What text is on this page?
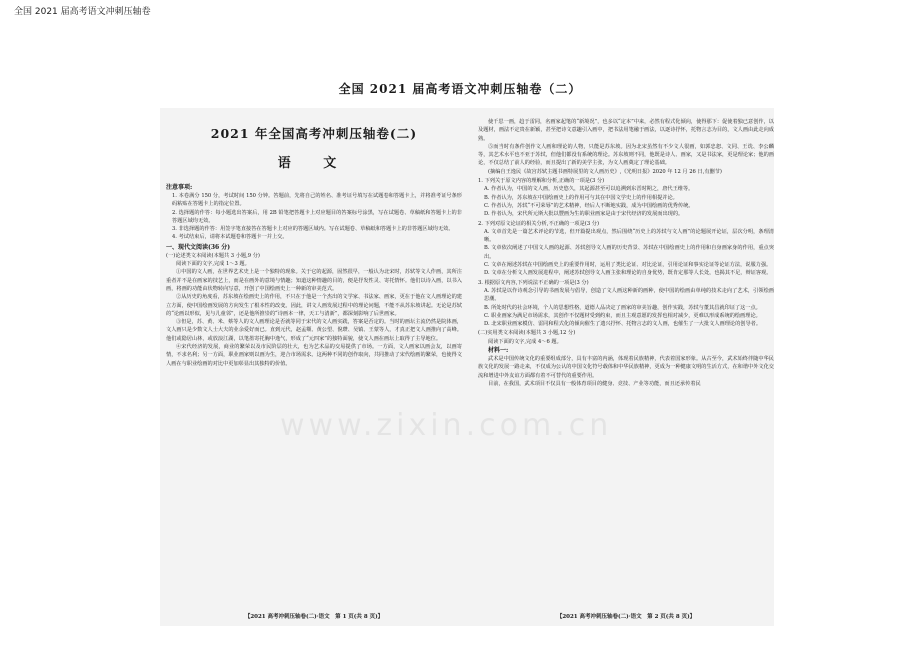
全国 2021 届高考语文冲刺压轴卷
全国 2021 届高考语文冲刺压轴卷（二）
www.zixin.com.cn
2021 年全国高考冲刺压轴卷(二)
语 文

注意事项:

1. 本卷满分 150 分，考试时间 150 分钟。答题前，先将自己的姓名、准考证号填写在试题卷和答题卡上，并将准考证号条形码粘贴在答题卡上的指定位置。

2. 选择题的作答：每小题选出答案后，用 2B 铅笔把答题卡上对应题目的答案标号涂黑，写在试题卷、草稿纸和答题卡上的非答题区域均无效。

3. 非选择题的作答：用签字笔直接答在答题卡上对应的答题区域内。写在试题卷、草稿纸和答题卡上的非答题区域均无效。

4. 考试结束后，请将本试题卷和答题卡一并上交。

一、现代文阅读(36 分)

(一)论述类文本阅读(本题共 3 小题,9 分)

阅读下面的文字,完成 1～3 题。

①中国的文人画，在世界艺术史上是一个独特的现象。关于它的起源，固然很早，一般认为北宋时，苏轼等文人作画，其所注重者并不是在画家的技艺上，而是在画外的意境与情趣；知道这种情趣的目的，便是抒发性灵、寄托情怀。他们以诗入画，以书入画，将画的功能由状物转向写意，开创了中国绘画史上一种新的审美范式。

②从历史的角度看，苏东坡在绘画史上的作用，不只在于他是一个杰出的文学家、书法家、画家，更在于他在文人画理论的建立方面，使中国绘画发展的方向发生了根本性的改变。因此，讲文人画发展过程中的理论问题，不能不从苏东坡讲起。无论是苏轼的“论画以形似，见与儿童邻”，还是他所推崇的“诗画本一律，天工与清新”，都深刻影响了后世画家。

③但是，苏、黄、米、蔡等人的文人画理论是否就等同于宋代的文人画实践，答案是否定的。当时的画坛主流仍然是院体画，文人画只是少数文人士大夫的业余爱好而已。直到元代，赵孟頫、黄公望、倪瓒、吴镇、王蒙等人，才真正把文人画推向了高峰。他们或隐居山林，或放浪江湖，以笔墨寄托胸中逸气，形成了“元四家”的独特面貌，使文人画在画坛上取得了主导地位。

④宋代经济的发展，商业的繁荣以及市民阶层的壮大，也为艺术品的交易提供了市场。一方面，文人画家以画会友，以画寄情，不求名利；另一方面，职业画家则以画为生，迎合市场需求。这两种不同的创作取向，共同推动了宋代绘画的繁荣，也使得文人画在与职业绘画的对比中更加彰显出其独特的价值。

【2021 高考冲刺压轴卷(二)·语文　第 1 页(共 8 页)】

使千思一画，趋于雷同，名画家起笔的“新境况”，也多以“定本”中来，必然有程式化倾向，使得那下：促使着独已意创作，以及题材，画法不定贵在新颖，甚至把诗文意趣引入画中，把书法用笔融于画法，以逐诗抒怀，托物言志为目的，文人画由此走向成熟。

⑤而当时有条件创作文人画和理论的人物，只能是苏东坡。因为北宋虽然有不少文人很画，如郭忠恕、文同、王诜、李公麟等，其艺术水平也不亚于苏轼，但他们都没有系统的理论。苏东坡则不同，他既是诗人、画家，又是书法家，更是理论家；他的画论，不仅总结了前人的经验，而且提出了新的美学主张，为文人画奠定了理论基础。

(摘编自王逸民《故宫苏轼主题书画特展里的文人画历史》,《光明日报》2020 年 12 月 26 日,有删节)

1. 下列关于原文内容的理解和分析,正确的一项是(3 分)

A. 作者认为，中国的文人画，历史悠久，其起源甚至可以追溯到东晋时期之，唐代王维等。

B. 作者认为，苏东坡在中国绘画史上的作用可与其在中国文学史上的作用相提并论。

C. 作者认为，苏轼“不可荣辱”的艺术精神，经后人不断地实践，成为中国绘画的优秀传统。

D. 作者认为，宋代所元斯大批以豐画为生的职业画家是由于宋代经济的发展而出现的。

2. 下列对原文论证的相关分析,不正确的一项是(3 分)

A. 文章首先是一篇艺术评论的节选，但开篇提出观点，然后围绕“历史上的苏轼与文人画”的论题展开论证，层次分明，条理清晰。

B. 文章依次阐述了中国文人画的起源、苏轼创导文人画的历史背景、苏轼在中国绘画史上的作用和自身画家身的作用，重点突出。

C. 文章在阐述苏轼在中国绘画史上的重要作用时，运用了类比论证、对比论证，引用论证和事实论证等论证方法，说服力强。

D. 文章在分析文人画发展进程中，阐述苏轼创导文人画主张和理论的自身优势，既肯定那等人长处，也揭其不足，辩证客观。

3. 根据原文内容,下列说法不正确的一项是(3 分)

A. 苏轼是以作诗观念引导的书画发展与倡导，创造了文人画这种新的画种，使中国的绘画由单纯的技术走向了艺术，引领绘画思潮。

B. 所处时代的社会环境，个人的思想性格，道德人品决定了画家的审美旨趣，创作实践，苏轼与董其昌就印证了这一点。

C. 职业画家为满足市场需求，其创作不仅题材受到约束，而且主观意愿的发挥也相对减少，更难以形成系统的绘画理论。

D. 北宋职业画家模仿、雷同和程式化的倾向催生了遗兴抒怀、托物言志的文人画，也催生了一大批文人画理论的创导者。

(二)实用类文本阅读(本题共 3 小题,12 分)

阅读下面的文字,完成 4～6 题。

材料一:

武术是中国传统文化的重要组成部分，具有丰富的内涵，体现着民族精神，代表着国家形象。从古至今，武术始终伴随中华民族文化的发展一路走来，不仅成为公认的中国文化符号载体和中华民族精神，更成为一种健康文明的生活方式，在和谐中外文化交流和增进中外友谊方面都有着不可替代的重要作用。

目前，在我国，武术项目不仅具有一般体育项目的健身、竞技、产业等功能，而且还承传着民

【2021 高考冲刺压轴卷(二)·语文　第 2 页(共 8 页)】
